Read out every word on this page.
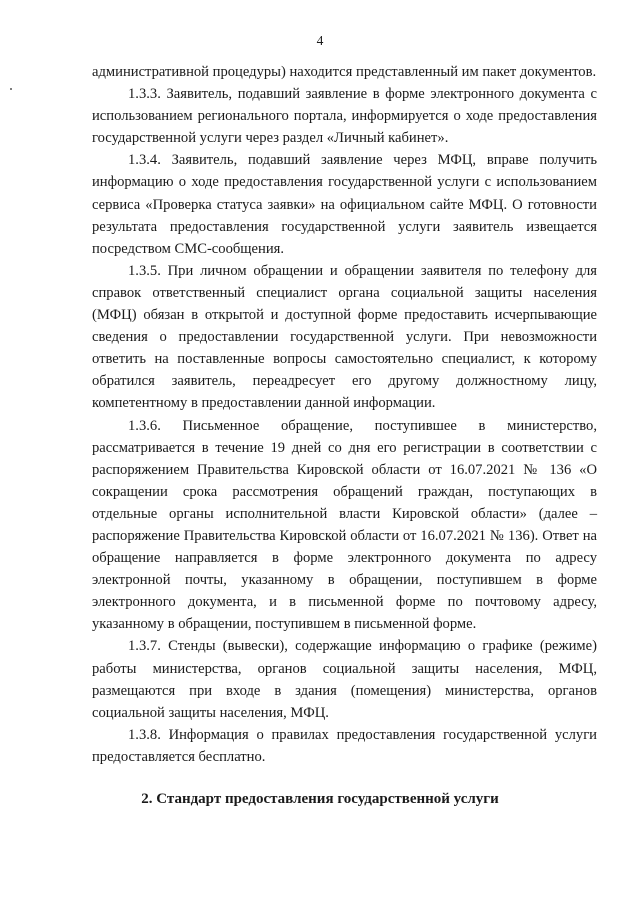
4

административной процедуры) находится представленный им пакет документов.

1.3.3. Заявитель, подавший заявление в форме электронного документа с использованием регионального портала, информируется о ходе предоставления государственной услуги через раздел «Личный кабинет».

1.3.4. Заявитель, подавший заявление через МФЦ, вправе получить информацию о ходе предоставления государственной услуги с использованием сервиса «Проверка статуса заявки» на официальном сайте МФЦ. О готовности результата предоставления государственной услуги заявитель извещается посредством СМС-сообщения.

1.3.5. При личном обращении и обращении заявителя по телефону для справок ответственный специалист органа социальной защиты населения (МФЦ) обязан в открытой и доступной форме предоставить исчерпывающие сведения о предоставлении государственной услуги. При невозможности ответить на поставленные вопросы самостоятельно специалист, к которому обратился заявитель, переадресует его другому должностному лицу, компетентному в предоставлении данной информации.

1.3.6. Письменное обращение, поступившее в министерство, рассматривается в течение 19 дней со дня его регистрации в соответствии с распоряжением Правительства Кировской области от 16.07.2021 № 136 «О сокращении срока рассмотрения обращений граждан, поступающих в отдельные органы исполнительной власти Кировской области» (далее – распоряжение Правительства Кировской области от 16.07.2021 № 136). Ответ на обращение направляется в форме электронного документа по адресу электронной почты, указанному в обращении, поступившем в форме электронного документа, и в письменной форме по почтовому адресу, указанному в обращении, поступившем в письменной форме.

1.3.7. Стенды (вывески), содержащие информацию о графике (режиме) работы министерства, органов социальной защиты населения, МФЦ, размещаются при входе в здания (помещения) министерства, органов социальной защиты населения, МФЦ.

1.3.8. Информация о правилах предоставления государственной услуги предоставляется бесплатно.

2. Стандарт предоставления государственной услуги
